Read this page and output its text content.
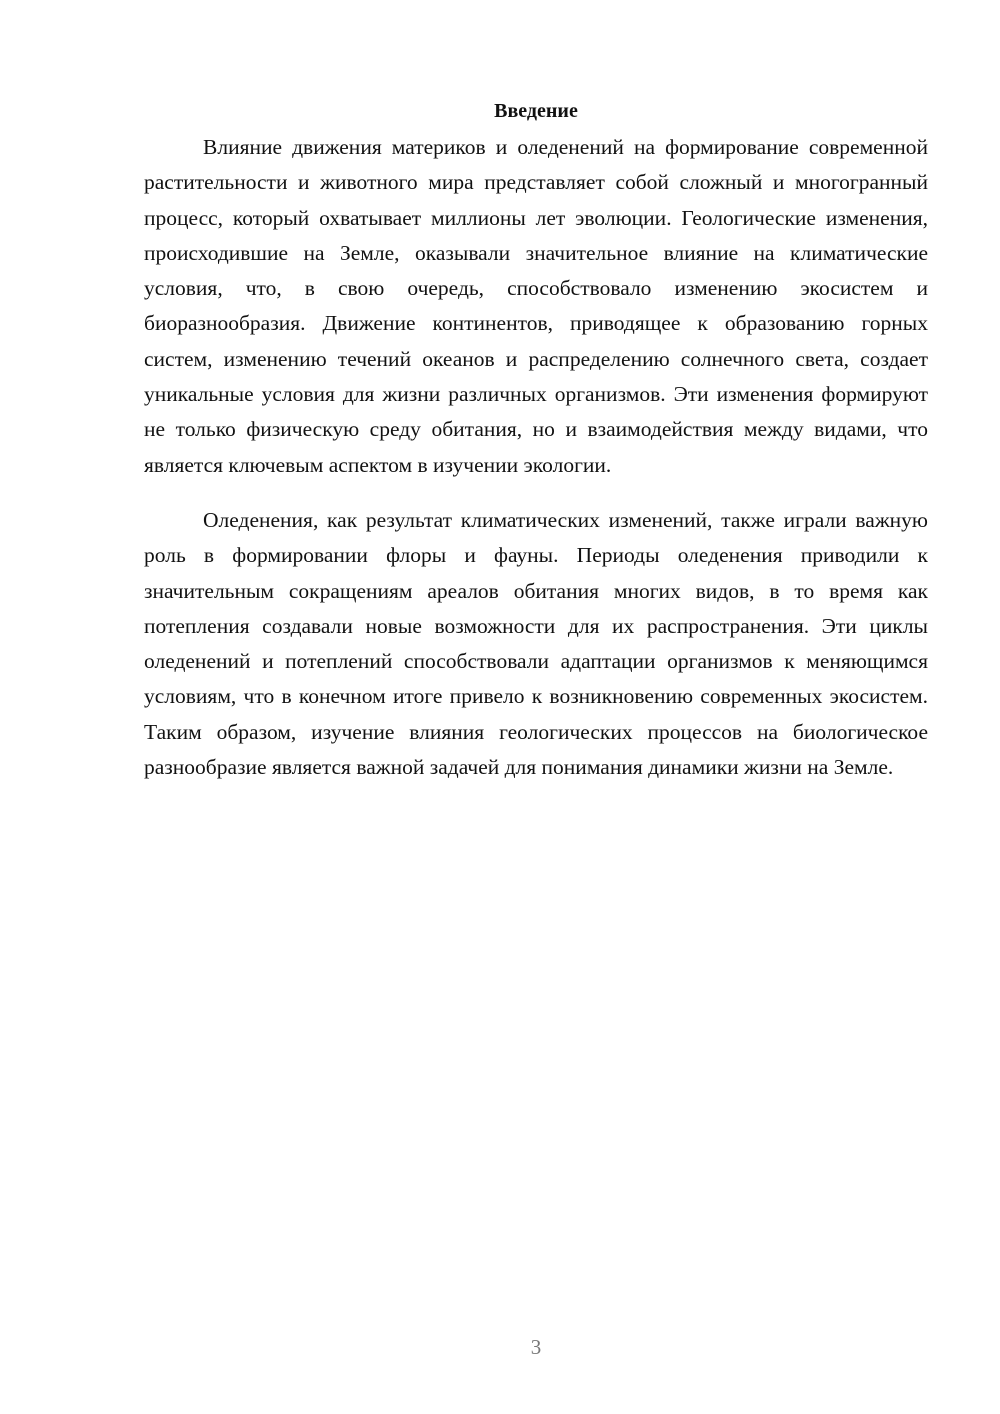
Введение

Влияние движения материков и оледенений на формирование современной растительности и животного мира представляет собой сложный и многогранный процесс, который охватывает миллионы лет эволюции. Геологические изменения, происходившие на Земле, оказывали значительное влияние на климатические условия, что, в свою очередь, способствовало изменению экосистем и биоразнообразия. Движение континентов, приводящее к образованию горных систем, изменению течений океанов и распределению солнечного света, создает уникальные условия для жизни различных организмов. Эти изменения формируют не только физическую среду обитания, но и взаимодействия между видами, что является ключевым аспектом в изучении экологии.

Оледенения, как результат климатических изменений, также играли важную роль в формировании флоры и фауны. Периоды оледенения приводили к значительным сокращениям ареалов обитания многих видов, в то время как потепления создавали новые возможности для их распространения. Эти циклы оледенений и потеплений способствовали адаптации организмов к меняющимся условиям, что в конечном итоге привело к возникновению современных экосистем. Таким образом, изучение влияния геологических процессов на биологическое разнообразие является важной задачей для понимания динамики жизни на Земле.

3
